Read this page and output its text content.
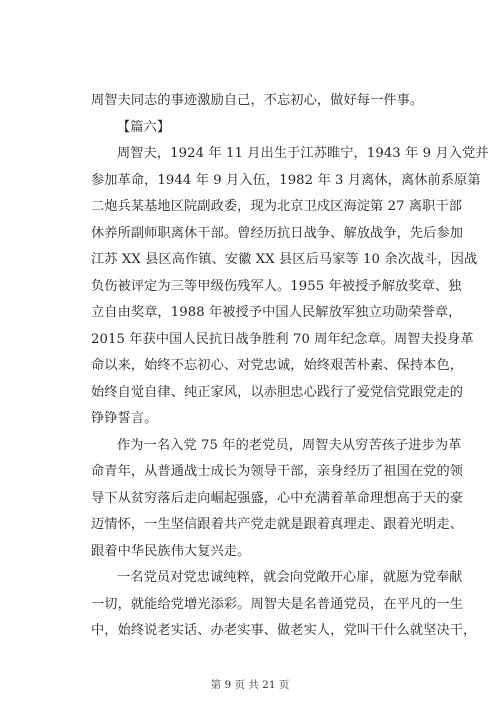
周智夫同志的事迹激励自己，不忘初心，做好每一件事。
【篇六】
周智夫，1924 年 11 月出生于江苏睢宁，1943 年 9 月入党并
参加革命，1944 年 9 月入伍，1982 年 3 月离休，离休前系原第
二炮兵某基地区院副政委，现为北京卫戍区海淀第 27 离职干部
休养所副师职离休干部。曾经历抗日战争、解放战争，先后参加
江苏 XX 县区高作镇、安徽 XX 县区后马家等 10 余次战斗，因战
负伤被评定为三等甲级伤残军人。1955 年被授予解放奖章、独
立自由奖章，1988 年被授予中国人民解放军独立功勋荣誉章，
2015 年获中国人民抗日战争胜利 70 周年纪念章。周智夫投身革
命以来，始终不忘初心、对党忠诚，始终艰苦朴素、保持本色，
始终自觉自律、纯正家风，以赤胆忠心践行了爱党信党跟党走的
铮铮誓言。
作为一名入党 75 年的老党员，周智夫从穷苦孩子进步为革
命青年，从普通战士成长为领导干部，亲身经历了祖国在党的领
导下从贫穷落后走向崛起强盛，心中充满着革命理想高于天的豪
迈情怀，一生坚信跟着共产党走就是跟着真理走、跟着光明走、
跟着中华民族伟大复兴走。
一名党员对党忠诚纯粹，就会向党敞开心扉，就愿为党奉献
一切，就能给党增光添彩。周智夫是名普通党员，在平凡的一生
中，始终说老实话、办老实事、做老实人，党叫干什么就坚决干，
第 9 页 共 21 页
